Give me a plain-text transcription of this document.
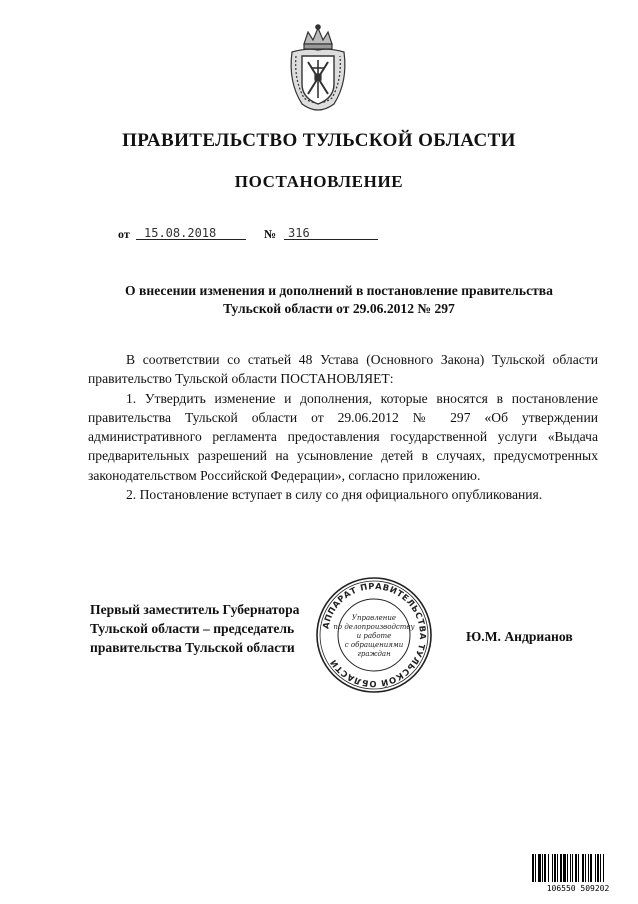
ПРАВИТЕЛЬСТВО ТУЛЬСКОЙ ОБЛАСТИ
ПОСТАНОВЛЕНИЕ
от 15.08.2018	№ 316
О внесении изменения и дополнений в постановление правительства
Тульской области от 29.06.2012 № 297

В соответствии со статьей 48 Устава (Основного Закона) Тульской области правительство Тульской области ПОСТАНОВЛЯЕТ:

1. Утвердить изменение и дополнения, которые вносятся в постановление правительства Тульской области от 29.06.2012 № 297 «Об утверждении административного регламента предоставления государственной услуги «Выдача предварительных разрешений на усыновление детей в случаях, предусмотренных законодательством Российской Федерации», согласно приложению.

2. Постановление вступает в силу со дня официального опубликования.

Первый заместитель Губернатора
Тульской области – председатель
правительства Тульской области
Ю.М. Андрианов
АППАРАТ ПРАВИТЕЛЬСТВА ТУЛЬСКОЙ ОБЛАСТИ
Управление
по делопроизводству
и работе
с обращениями
граждан
106550 509202
